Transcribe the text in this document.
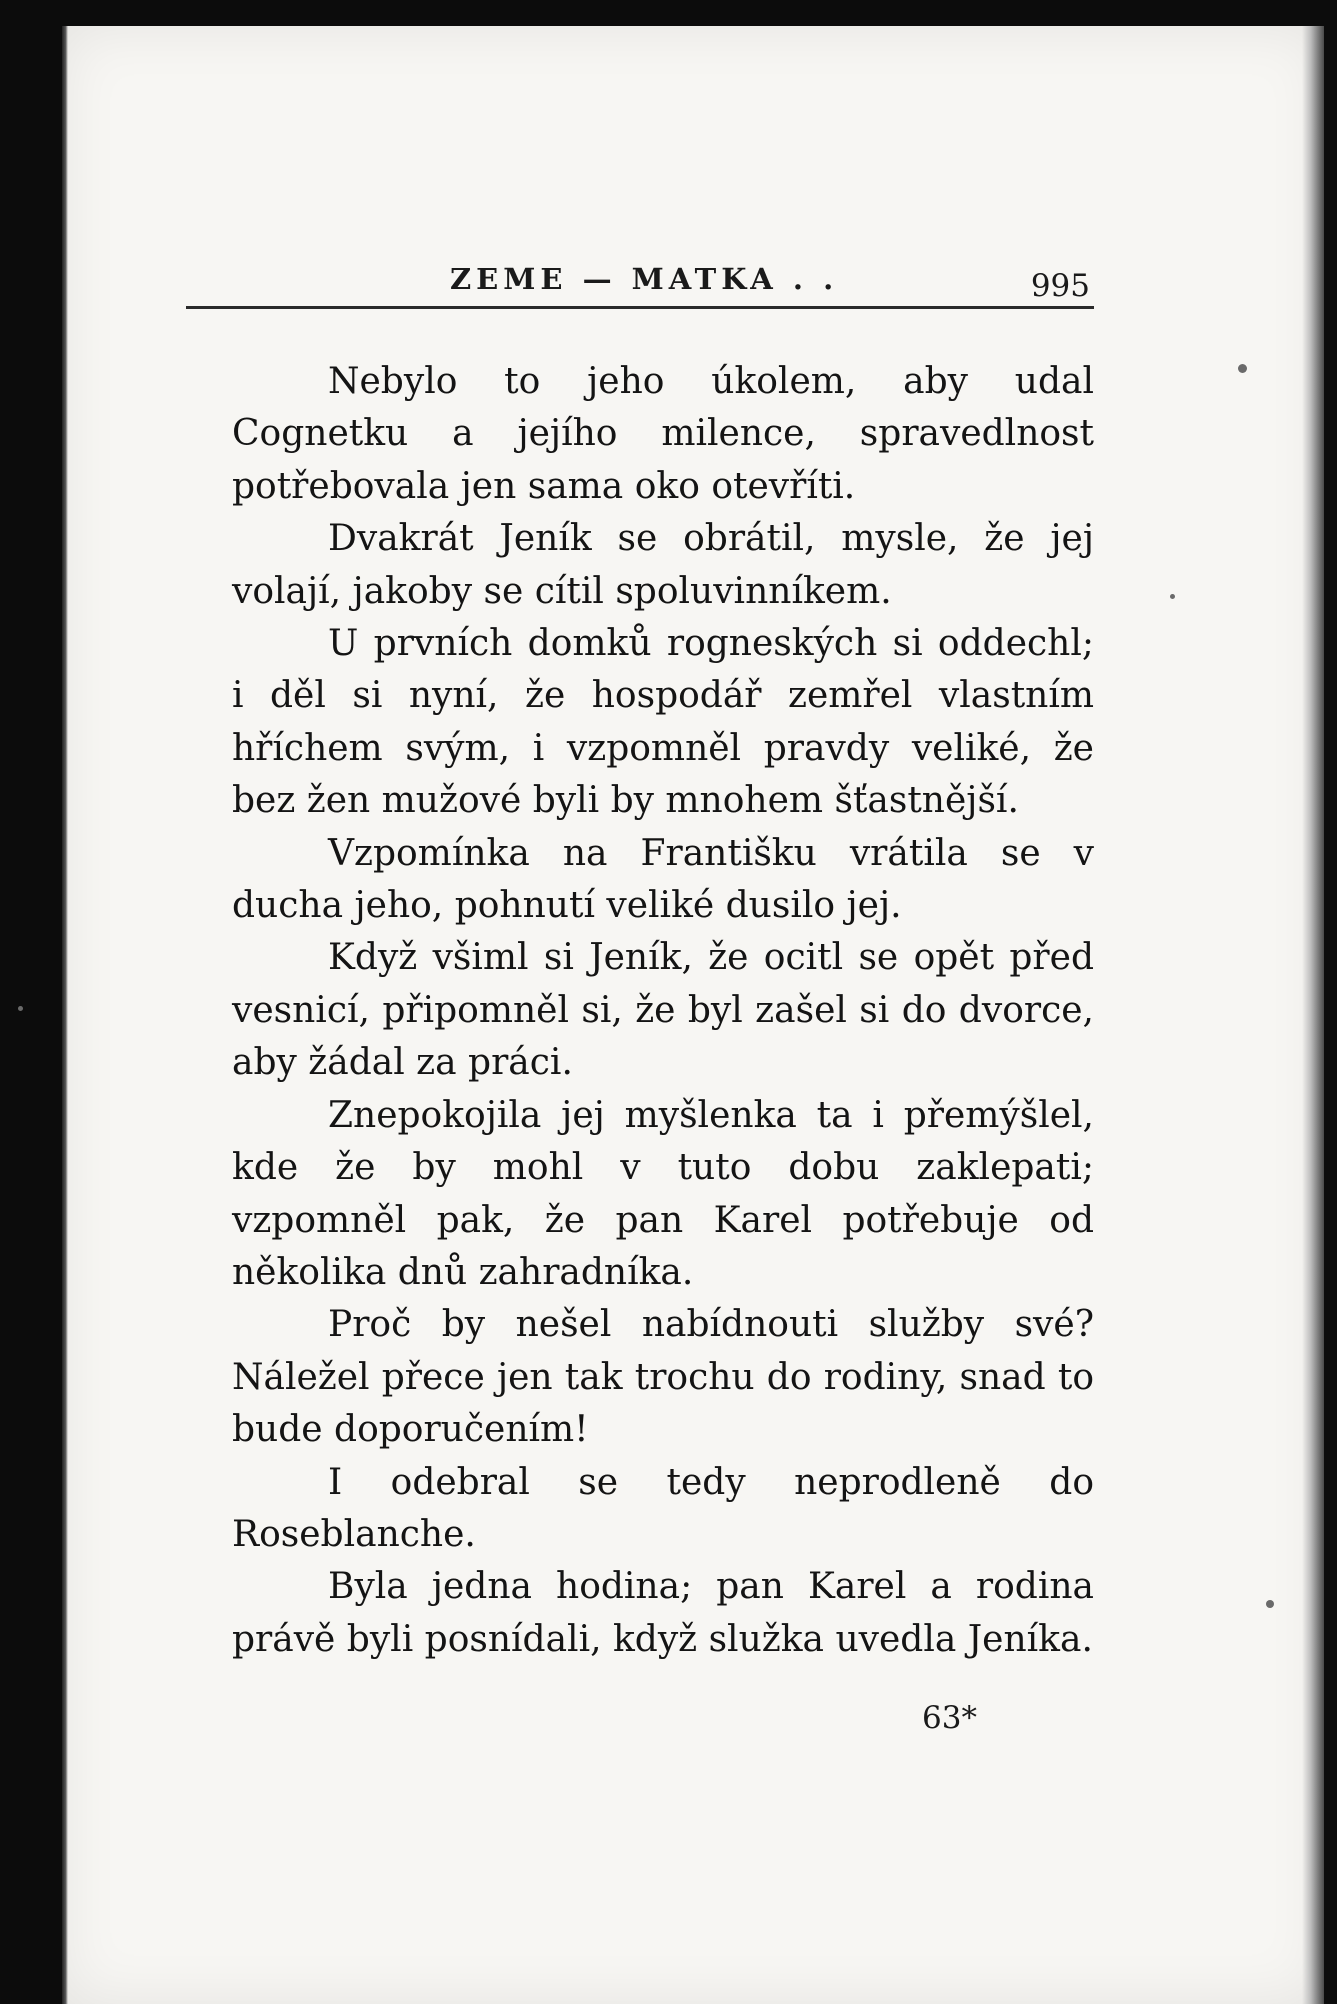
ZEME — MATKA . .	995

Nebylo to jeho úkolem, aby udal Cognetku a jejího milence, spravedlnost potřebovala jen sama oko otevříti.

Dvakrát Jeník se obrátil, mysle, že jej volají, jakoby se cítil spoluvinníkem.

U prvních domků rogneských si oddechl; i děl si nyní, že hospodář zemřel vlastním hříchem svým, i vzpomněl pravdy veliké, že bez žen mužové byli by mnohem šťastnější.

Vzpomínka na Františku vrátila se v ducha jeho, pohnutí veliké dusilo jej.

Když všiml si Jeník, že ocitl se opět před vesnicí, připomněl si, že byl zašel si do dvorce, aby žádal za práci.

Znepokojila jej myšlenka ta i přemýšlel, kde že by mohl v tuto dobu zaklepati; vzpomněl pak, že pan Karel potřebuje od několika dnů zahradníka.

Proč by nešel nabídnouti služby své? Náležel přece jen tak trochu do rodiny, snad to bude doporučením!

I odebral se tedy neprodleně do Roseblanche.

Byla jedna hodina; pan Karel a rodina právě byli posnídali, když služka uvedla Jeníka.

63*
